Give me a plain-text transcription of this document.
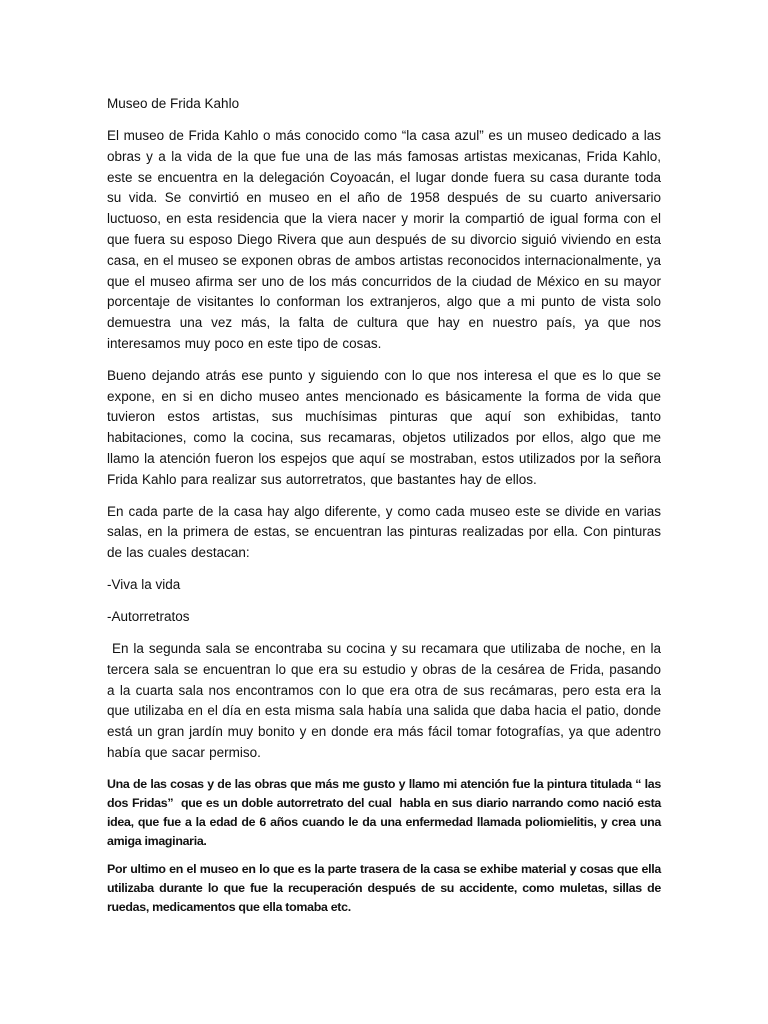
Museo de Frida Kahlo

El museo de Frida Kahlo o más conocido como “la casa azul” es un museo dedicado a las obras y a la vida de la que fue una de las más famosas artistas mexicanas, Frida Kahlo, este se encuentra en la delegación Coyoacán, el lugar donde fuera su casa durante toda su vida. Se convirtió en museo en el año de 1958 después de su cuarto aniversario luctuoso, en esta residencia que la viera nacer y morir la compartió de igual forma con el que fuera su esposo Diego Rivera que aun después de su divorcio siguió viviendo en esta casa, en el museo se exponen obras de ambos artistas reconocidos internacionalmente, ya que el museo afirma ser uno de los más concurridos de la ciudad de México en su mayor porcentaje de visitantes lo conforman los extranjeros, algo que a mi punto de vista solo demuestra una vez más, la falta de cultura que hay en nuestro país, ya que nos interesamos muy poco en este tipo de cosas.

Bueno dejando atrás ese punto y siguiendo con lo que nos interesa el que es lo que se expone, en si en dicho museo antes mencionado es básicamente la forma de vida que tuvieron estos artistas, sus muchísimas pinturas que aquí son exhibidas, tanto habitaciones, como la cocina, sus recamaras, objetos utilizados por ellos, algo que me llamo la atención fueron los espejos que aquí se mostraban, estos utilizados por la señora Frida Kahlo para realizar sus autorretratos, que bastantes hay de ellos.

En cada parte de la casa hay algo diferente, y como cada museo este se divide en varias salas, en la primera de estas, se encuentran las pinturas realizadas por ella. Con pinturas de las cuales destacan:

-Viva la vida
-Autorretratos

En la segunda sala se encontraba su cocina y su recamara que utilizaba de noche, en la tercera sala se encuentran lo que era su estudio y obras de la cesárea de Frida, pasando a la cuarta sala nos encontramos con lo que era otra de sus recámaras, pero esta era la que utilizaba en el día en esta misma sala había una salida que daba hacia el patio, donde está un gran jardín muy bonito y en donde era más fácil tomar fotografías, ya que adentro había que sacar permiso.

Una de las cosas y de las obras que más me gusto y llamo mi atención fue la pintura titulada “ las dos Fridas”  que es un doble autorretrato del cual  habla en sus diario narrando como nació esta idea, que fue a la edad de 6 años cuando le da una enfermedad llamada poliomielitis, y crea una amiga imaginaria.

Por ultimo en el museo en lo que es la parte trasera de la casa se exhibe material y cosas que ella utilizaba durante lo que fue la recuperación después de su accidente, como muletas, sillas de ruedas, medicamentos que ella tomaba etc.
